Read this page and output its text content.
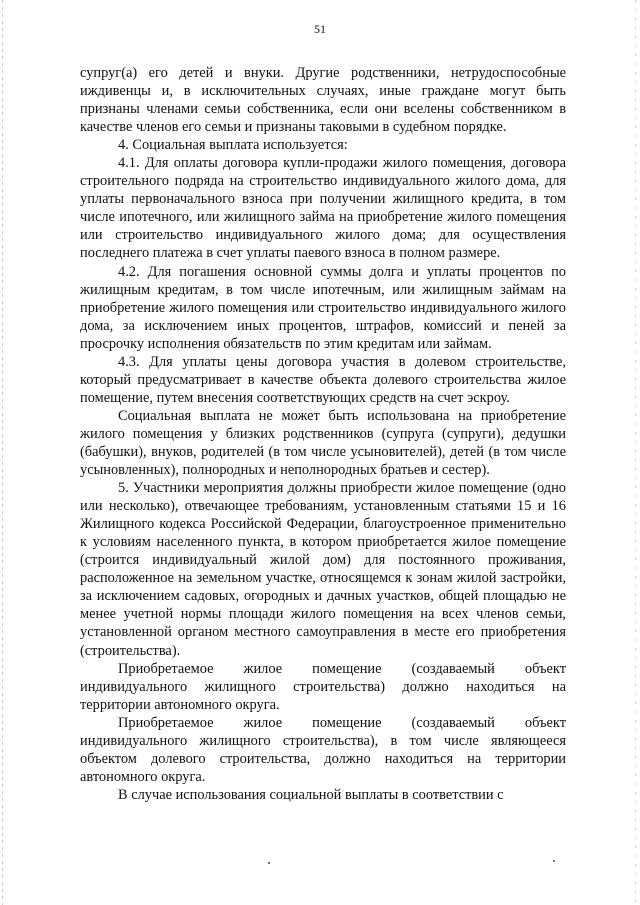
51

супруг(а) его детей и внуки. Другие родственники, нетрудоспособные иждивенцы и, в исключительных случаях, иные граждане могут быть признаны членами семьи собственника, если они вселены собственником в качестве членов его семьи и признаны таковыми в судебном порядке.

4. Социальная выплата используется:

4.1. Для оплаты договора купли-продажи жилого помещения, договора строительного подряда на строительство индивидуального жилого дома, для уплаты первоначального взноса при получении жилищного кредита, в том числе ипотечного, или жилищного займа на приобретение жилого помещения или строительство индивидуального жилого дома; для осуществления последнего платежа в счет уплаты паевого взноса в полном размере.

4.2. Для погашения основной суммы долга и уплаты процентов по жилищным кредитам, в том числе ипотечным, или жилищным займам на приобретение жилого помещения или строительство индивидуального жилого дома, за исключением иных процентов, штрафов, комиссий и пеней за просрочку исполнения обязательств по этим кредитам или займам.

4.3. Для уплаты цены договора участия в долевом строительстве, который предусматривает в качестве объекта долевого строительства жилое помещение, путем внесения соответствующих средств на счет эскроу.

Социальная выплата не может быть использована на приобретение жилого помещения у близких родственников (супруга (супруги), дедушки (бабушки), внуков, родителей (в том числе усыновителей), детей (в том числе усыновленных), полнородных и неполнородных братьев и сестер).

5. Участники мероприятия должны приобрести жилое помещение (одно или несколько), отвечающее требованиям, установленным статьями 15 и 16 Жилищного кодекса Российской Федерации, благоустроенное применительно к условиям населенного пункта, в котором приобретается жилое помещение (строится индивидуальный жилой дом) для постоянного проживания, расположенное на земельном участке, относящемся к зонам жилой застройки, за исключением садовых, огородных и дачных участков, общей площадью не менее учетной нормы площади жилого помещения на всех членов семьи, установленной органом местного самоуправления в месте его приобретения (строительства).

Приобретаемое жилое помещение (создаваемый объект индивидуального жилищного строительства) должно находиться на территории автономного округа.

Приобретаемое жилое помещение (создаваемый объект индивидуального жилищного строительства), в том числе являющееся объектом долевого строительства, должно находиться на территории автономного округа.

В случае использования социальной выплаты в соответствии с
